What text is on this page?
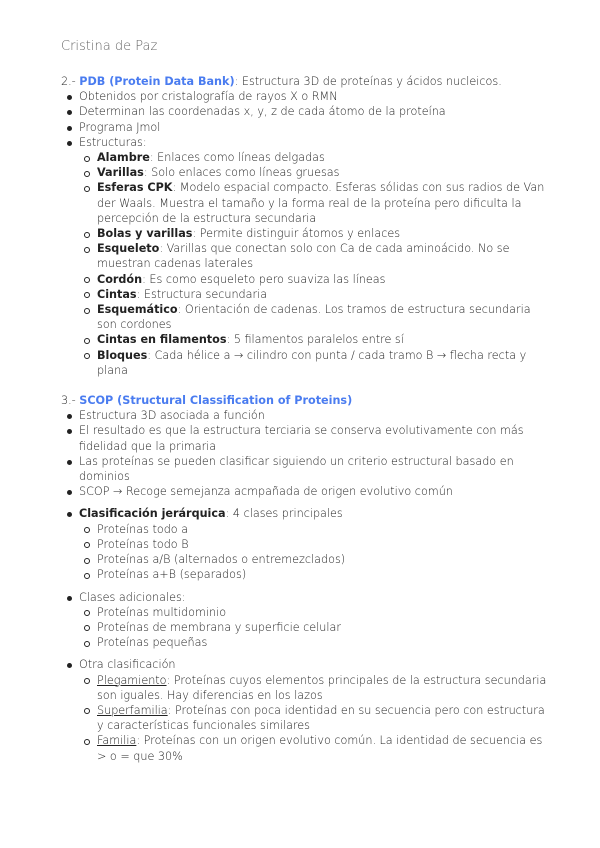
Cristina de Paz

2.- PDB (Protein Data Bank): Estructura 3D de proteínas y ácidos nucleicos.

Obtenidos por cristalografía de rayos X o RMN
Determinan las coordenadas x, y, z de cada átomo de la proteína
Programa Jmol
Estructuras:
Alambre: Enlaces como líneas delgadas
Varillas: Solo enlaces como líneas gruesas
Esferas CPK: Modelo espacial compacto. Esferas sólidas con sus radios de Van der Waals. Muestra el tamaño y la forma real de la proteína pero dificulta la percepción de la estructura secundaria
Bolas y varillas: Permite distinguir átomos y enlaces
Esqueleto: Varillas que conectan solo con Ca de cada aminoácido. No se muestran cadenas laterales
Cordón: Es como esqueleto pero suaviza las líneas
Cintas: Estructura secundaria
Esquemático: Orientación de cadenas. Los tramos de estructura secundaria son cordones
Cintas en filamentos: 5 filamentos paralelos entre sí
Bloques: Cada hélice a → cilindro con punta / cada tramo B → flecha recta y plana

3.- SCOP (Structural Classification of Proteins)

Estructura 3D asociada a función
El resultado es que la estructura terciaria se conserva evolutivamente con más fidelidad que la primaria
Las proteínas se pueden clasificar siguiendo un criterio estructural basado en dominios
SCOP → Recoge semejanza acmpañada de origen evolutivo común
Clasificación jerárquica: 4 clases principales
Proteínas todo a
Proteínas todo B
Proteínas a/B (alternados o entremezclados)
Proteínas a+B (separados)
Clases adicionales:
Proteínas multidominio
Proteínas de membrana y superficie celular
Proteínas pequeñas
Otra clasificación
Plegamiento: Proteínas cuyos elementos principales de la estructura secundaria son iguales. Hay diferencias en los lazos
Superfamilia: Proteínas con poca identidad en su secuencia pero con estructura y características funcionales similares
Familia: Proteínas con un origen evolutivo común. La identidad de secuencia es > o = que 30%
